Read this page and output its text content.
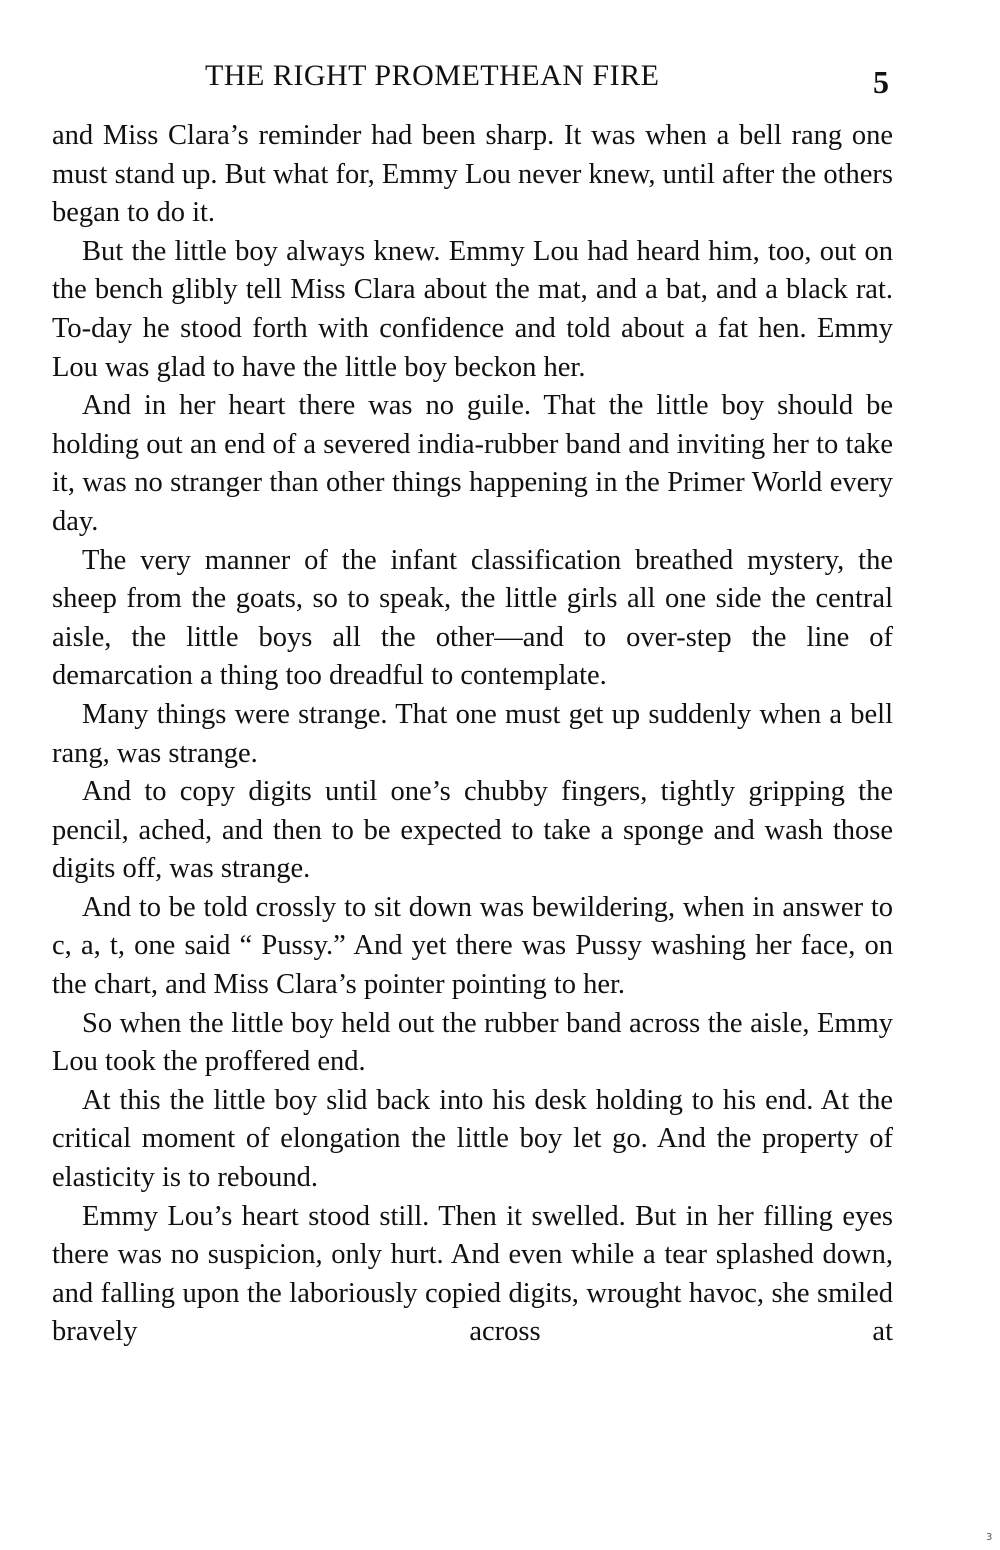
THE RIGHT PROMETHEAN FIRE	5

and Miss Clara’s reminder had been sharp. It was when a bell rang one must stand up. But what for, Emmy Lou never knew, until after the others began to do it.

But the little boy always knew. Emmy Lou had heard him, too, out on the bench glibly tell Miss Clara about the mat, and a bat, and a black rat. To-day he stood forth with confidence and told about a fat hen. Emmy Lou was glad to have the little boy beckon her.

And in her heart there was no guile. That the little boy should be holding out an end of a severed india-rubber band and inviting her to take it, was no stranger than other things happening in the Primer World every day.

The very manner of the infant classification breathed mystery, the sheep from the goats, so to speak, the little girls all one side the central aisle, the little boys all the other—and to over-step the line of demarcation a thing too dreadful to contemplate.

Many things were strange. That one must get up suddenly when a bell rang, was strange.

And to copy digits until one’s chubby fingers, tightly gripping the pencil, ached, and then to be expected to take a sponge and wash those digits off, was strange.

And to be told crossly to sit down was bewildering, when in answer to c, a, t, one said “ Pussy.” And yet there was Pussy washing her face, on the chart, and Miss Clara’s pointer pointing to her.

So when the little boy held out the rubber band across the aisle, Emmy Lou took the proffered end.

At this the little boy slid back into his desk holding to his end. At the critical moment of elongation the little boy let go. And the property of elasticity is to rebound.

Emmy Lou’s heart stood still. Then it swelled. But in her filling eyes there was no suspicion, only hurt. And even while a tear splashed down, and falling upon the laboriously copied digits, wrought havoc, she smiled bravely across at

3
